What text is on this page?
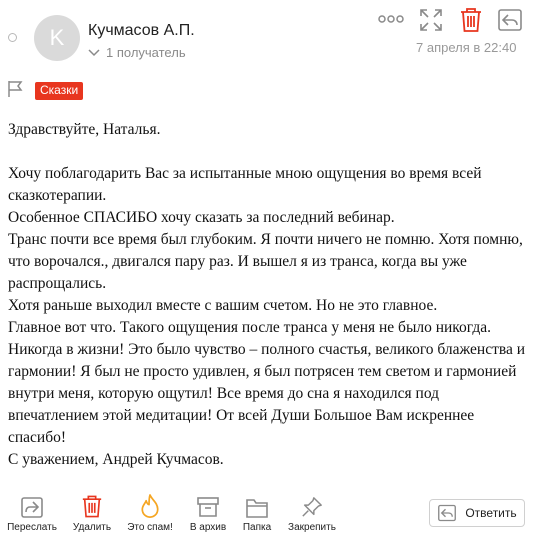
K	Кучмасов А.П.
1 получатель	7 апреля в 22:40
Сказки

Здравствуйте, Наталья.

Хочу поблагодарить Вас за испытанные мною ощущения во время всей сказкотерапии.

Особенное СПАСИБО хочу сказать за последний вебинар.

Транс почти все время был глубоким. Я почти ничего не помню. Хотя помню, что ворочался., двигался пару раз. И вышел я из транса, когда вы уже распрощались.

Хотя раньше выходил вместе с вашим счетом. Но не это главное.

Главное вот что. Такого ощущения после транса у меня не было никогда. Никогда в жизни! Это было чувство – полного счастья, великого блаженства и гармонии! Я был не просто удивлен, я был потрясен тем светом и гармонией внутри меня, которую ощутил! Все время до сна я находился под впечатлением этой медитации! От всей Души Большое Вам искреннее спасибо!

С уважением, Андрей Кучмасов.

Переслать	Удалить	Это спам!	В архив	Папка	Закрепить
Ответить
